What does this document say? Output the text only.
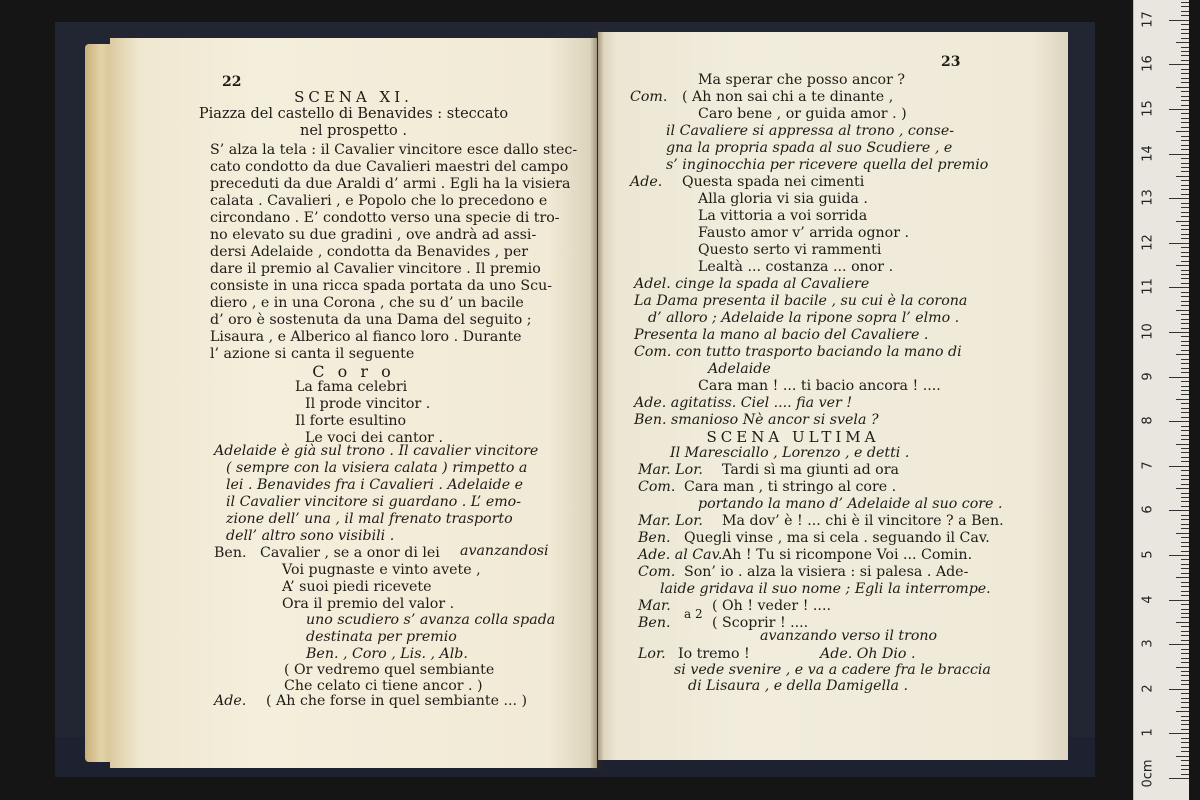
22
SCENA XI.
Piazza del castello di Benavides : steccato
nel prospetto .
S’ alza la tela : il Cavalier vincitore esce dallo stec-
cato condotto da due Cavalieri maestri del campo
preceduti da due Araldi d’ armi . Egli ha la visiera
calata . Cavalieri , e Popolo che lo precedono e
circondano . E’ condotto verso una specie di tro-
no elevato su due gradini , ove andrà ad assi-
dersi Adelaide , condotta da Benavides , per
dare il premio al Cavalier vincitore . Il premio
consiste in una ricca spada portata da uno Scu-
diero , e in una Corona , che su d’ un bacile
d’ oro è sostenuta da una Dama del seguito ;
Lisaura , e Alberico al fianco loro . Durante
l’ azione si canta il seguente
C o r o
La fama celebri
Il prode vincitor .
Il forte esultino
Le voci dei cantor .
Adelaide è già sul trono . Il cavalier vincitore
( sempre con la visiera calata ) rimpetto a
lei . Benavides fra i Cavalieri . Adelaide e
il Cavalier vincitore si guardano . L’ emo-
zione dell’ una , il mal frenato trasporto
dell’ altro sono visibili .
Ben. Cavalier , se a onor di lei avanzandosi
Voi pugnaste e vinto avete ,
A’ suoi piedi ricevete
Ora il premio del valor .
uno scudiero s’ avanza colla spada
destinata per premio
Ben. , Coro , Lis. , Alb.
( Or vedremo quel sembiante
Che celato ci tiene ancor . )
Ade. ( Ah che forse in quel sembiante ... )
23
Ma sperar che posso ancor ?
Com. ( Ah non sai chi a te dinante ,
Caro bene , or guida amor . )
il Cavaliere si appressa al trono , conse-
gna la propria spada al suo Scudiere , e
s’ inginocchia per ricevere quella del premio
Ade. Questa spada nei cimenti
Alla gloria vi sia guida .
La vittoria a voi sorrida
Fausto amor v’ arrida ognor .
Questo serto vi rammenti
Lealtà ... costanza ... onor .
Adel. cinge la spada al Cavaliere
La Dama presenta il bacile , su cui è la corona
d’ alloro ; Adelaide la ripone sopra l’ elmo .
Presenta la mano al bacio del Cavaliere .
Com. con tutto trasporto baciando la mano di
Adelaide
Cara man ! ... ti bacio ancora ! ....
Ade. agitatiss. Ciel .... fia ver !
Ben. smanioso Nè ancor si svela ?
SCENA ULTIMA
Il Maresciallo , Lorenzo , e detti .
Mar. Lor. Tardi sì ma giunti ad ora
Com. Cara man , ti stringo al core .
portando la mano d’ Adelaide al suo core .
Mar. Lor. Ma dov’ è ! ... chi è il vincitore ? a Ben.
Ben. Quegli vinse , ma si cela . seguando il Cav.
Ade. al Cav. Ah ! Tu si ricompone Voi ... Comin.
Com. Son’ io . alza la visiera : si palesa . Ade-
laide gridava il suo nome ; Egli la interrompe.
Mar.
Ben.
a 2 ( Oh ! veder ! ....
( Scoprir ! ....
avanzando verso il trono
Lor. Io tremo !	Ade. Oh Dio .
si vede svenire , e va a cadere fra le braccia
di Lisaura , e della Damigella .
0cm
1
2
3
4
5
6
7
8
9
10
11
12
13
14
15
16
17
